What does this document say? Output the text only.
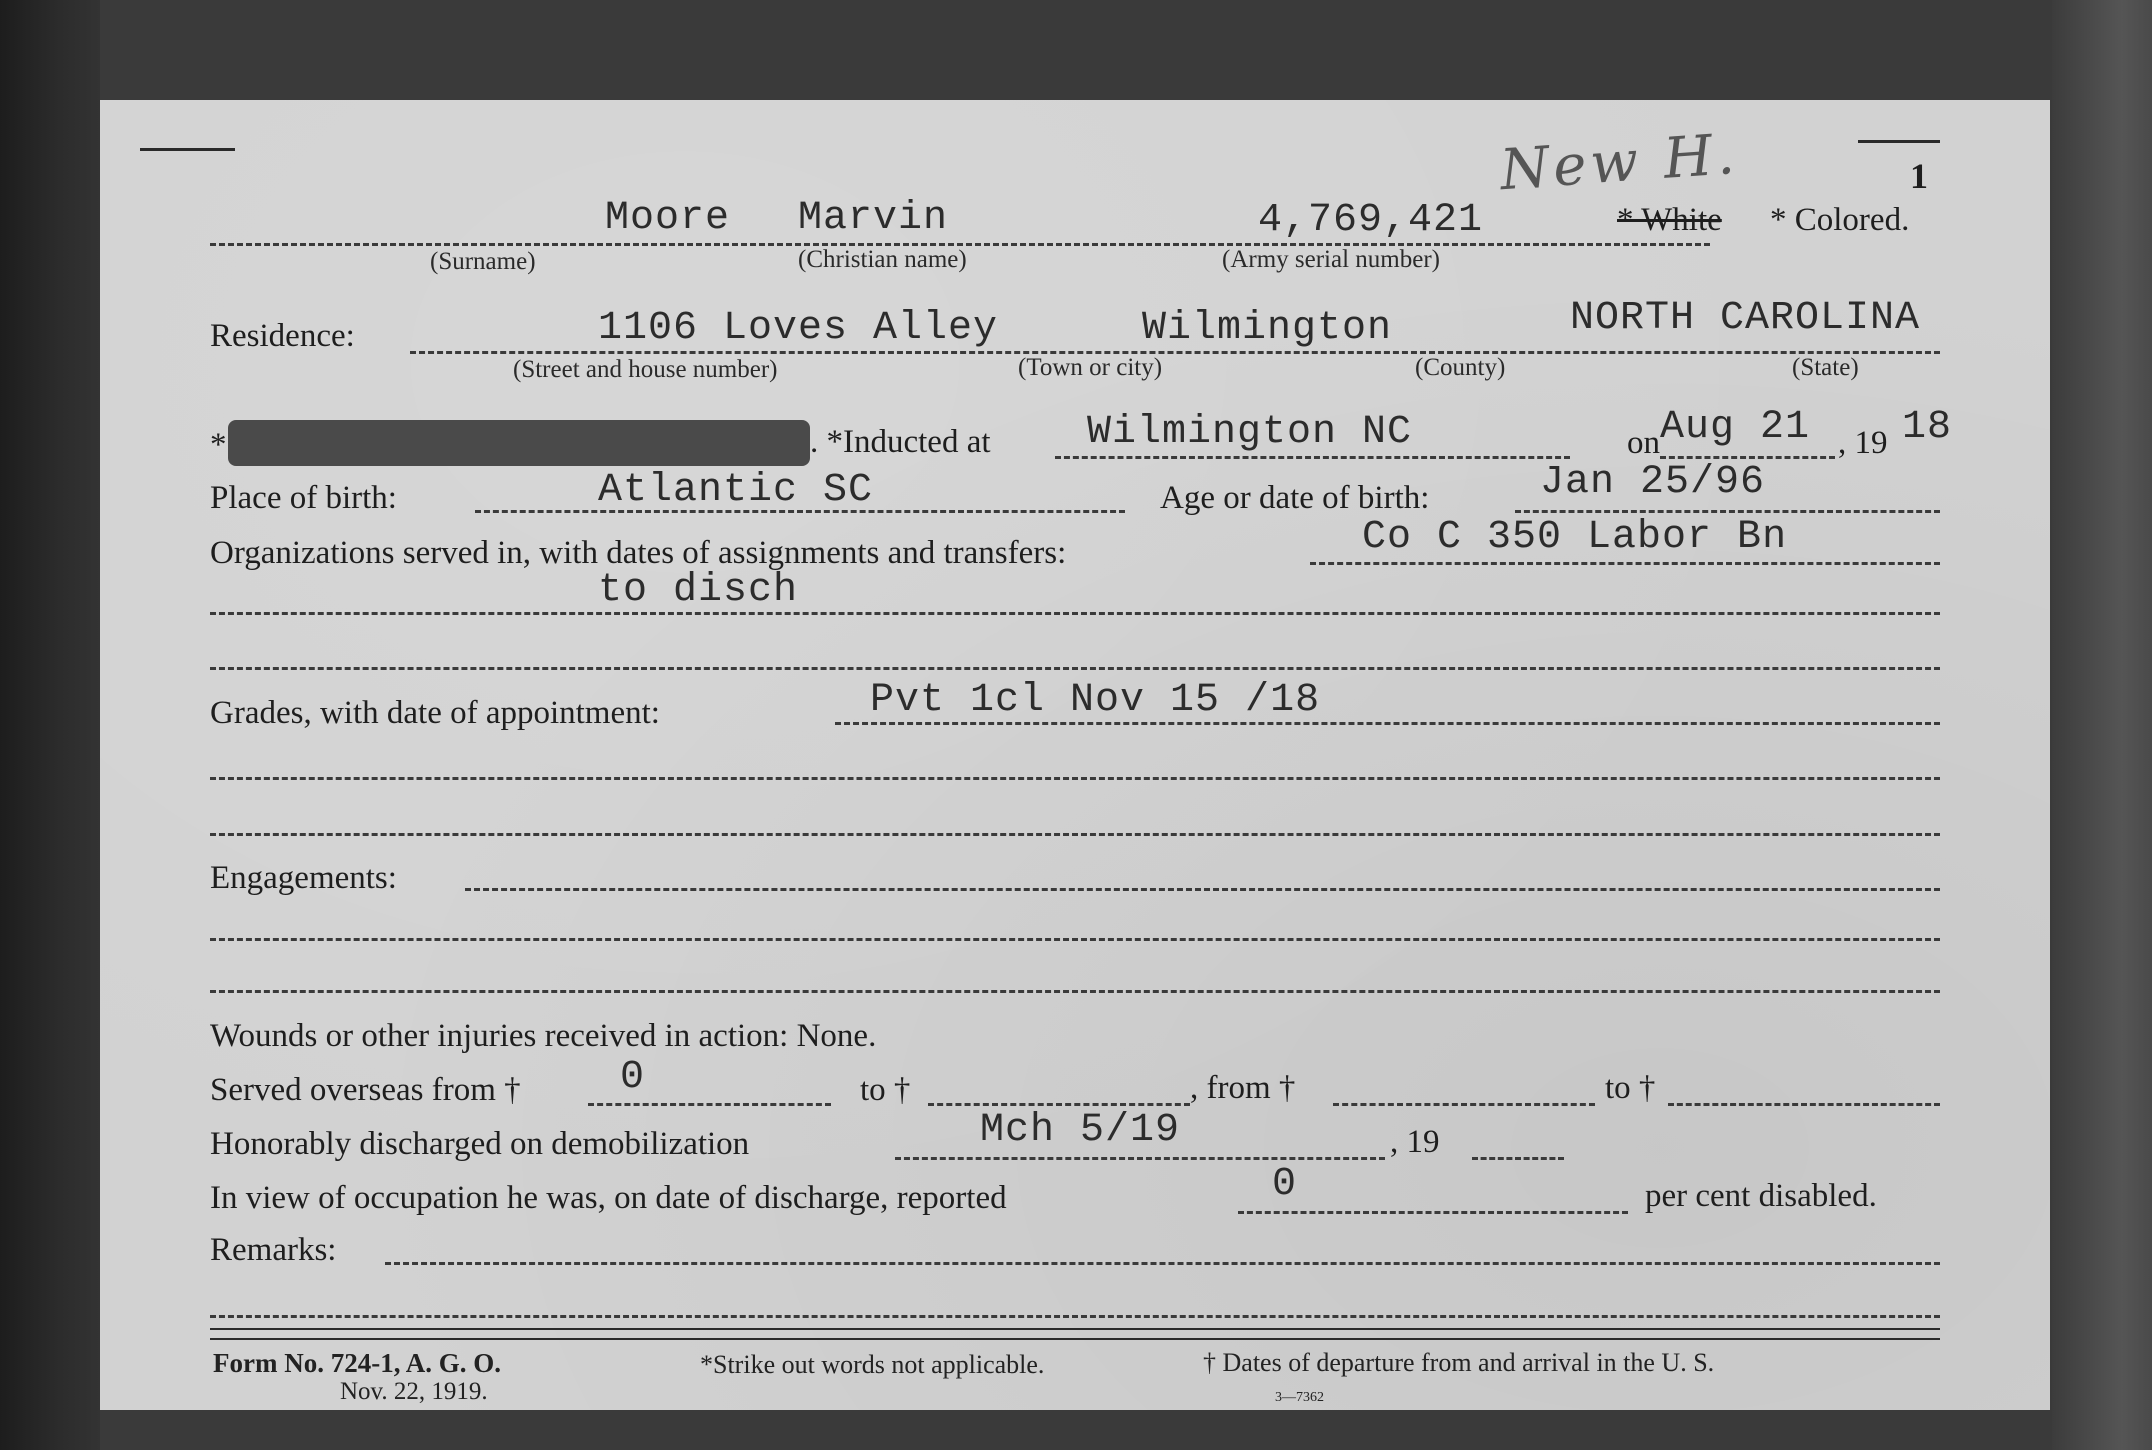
New H.	1
Moore Marvin	4,769,421	* White * Colored.
(Surname)	(Christian name)	(Army serial number)
Residence:	1106 Loves Alley	Wilmington	NORTH CAROLINA
(Street and house number)	(Town or city)	(County)	(State)
*	. *Inducted at Wilmington NC	on Aug 21 , 19 18
Place of birth:	Atlantic SC	Age or date of birth:	Jan 25/96
Organizations served in, with dates of assignments and transfers:	Co C 350 Labor Bn
to disch
Grades, with date of appointment:	Pvt 1cl Nov 15 /18
Engagements:
Wounds or other injuries received in action: None.
Served overseas from † 0	to †	, from †	to †
Honorably discharged on demobilization	Mch 5/19	, 19
In view of occupation he was, on date of discharge, reported	0	per cent disabled.
Remarks:
Form No. 724-1, A. G. O.
Nov. 22, 1919.
*Strike out words not applicable.	† Dates of departure from and arrival in the U. S.
3—7362
